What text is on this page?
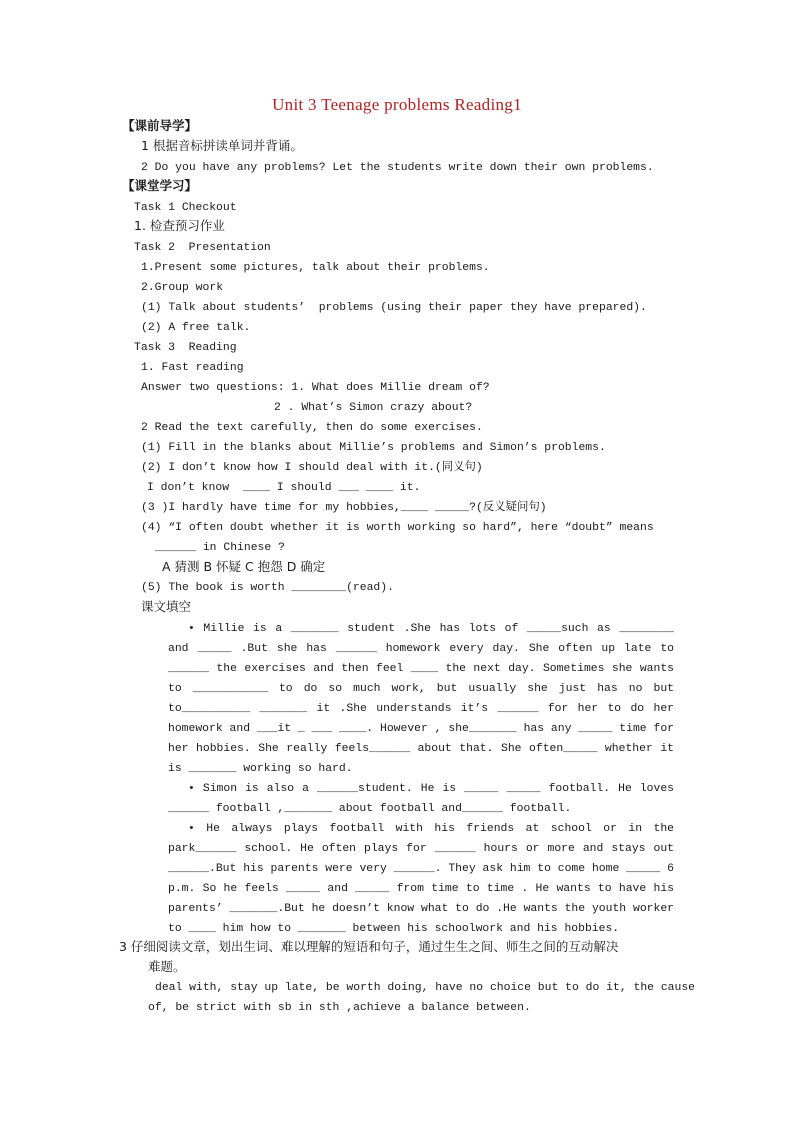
Unit 3 Teenage problems Reading1
【课前导学】
1 根据音标拼读单词并背诵。
2 Do you have any problems? Let the students write down their own problems.
【课堂学习】
Task 1 Checkout
1. 检查预习作业
Task 2  Presentation
1.Present some pictures, talk about their problems.
2.Group work
(1) Talk about students’  problems (using their paper they have prepared).
(2) A free talk.
Task 3  Reading
1. Fast reading
Answer two questions: 1. What does Millie dream of?
2 . What’s Simon crazy about?
2 Read the text carefully, then do some exercises.
(1) Fill in the blanks about Millie’s problems and Simon’s problems.
(2) I don’t know how I should deal with it.(同义句)
I don’t know  ____ I should ___ ____ it.
(3 )I hardly have time for my hobbies,____ _____?(反义疑问句)
(4) “I often doubt whether it is worth working so hard”, here “doubt” means
______ in Chinese ?
A 猜测 B 怀疑 C 抱怨 D 确定
(5) The book is worth ________(read).
课文填空
• Millie is a _______ student .She has lots of _____such as ________ and _____ .But she has ______ homework every day. She often up late to ______ the exercises and then feel ____ the next day. Sometimes she wants to ___________ to do so much work, but usually she just has no but to__________ _______ it .She understands it’s ______ for her to do her homework and ___it _ ___ ____. However , she_______ has any _____ time for her hobbies. She really feels______ about that. She often_____ whether it is _______ working so hard.
• Simon is also a ______student. He is _____ _____ football. He loves ______ football ,_______ about football and______ football.
• He always plays football with his friends at school or in the park______ school. He often plays for ______ hours or more and stays out ______.But his parents were very ______. They ask him to come home _____ 6 p.m. So he feels _____ and _____ from time to time . He wants to have his parents’ _______.But he doesn’t know what to do .He wants the youth worker to ____ him how to _______ between his schoolwork and his hobbies.
3 仔细阅读文章，划出生词、难以理解的短语和句子，通过生生之间、师生之间的互动解决
难题。
deal with, stay up late, be worth doing, have no choice but to do it, the cause
of, be strict with sb in sth ,achieve a balance between.
